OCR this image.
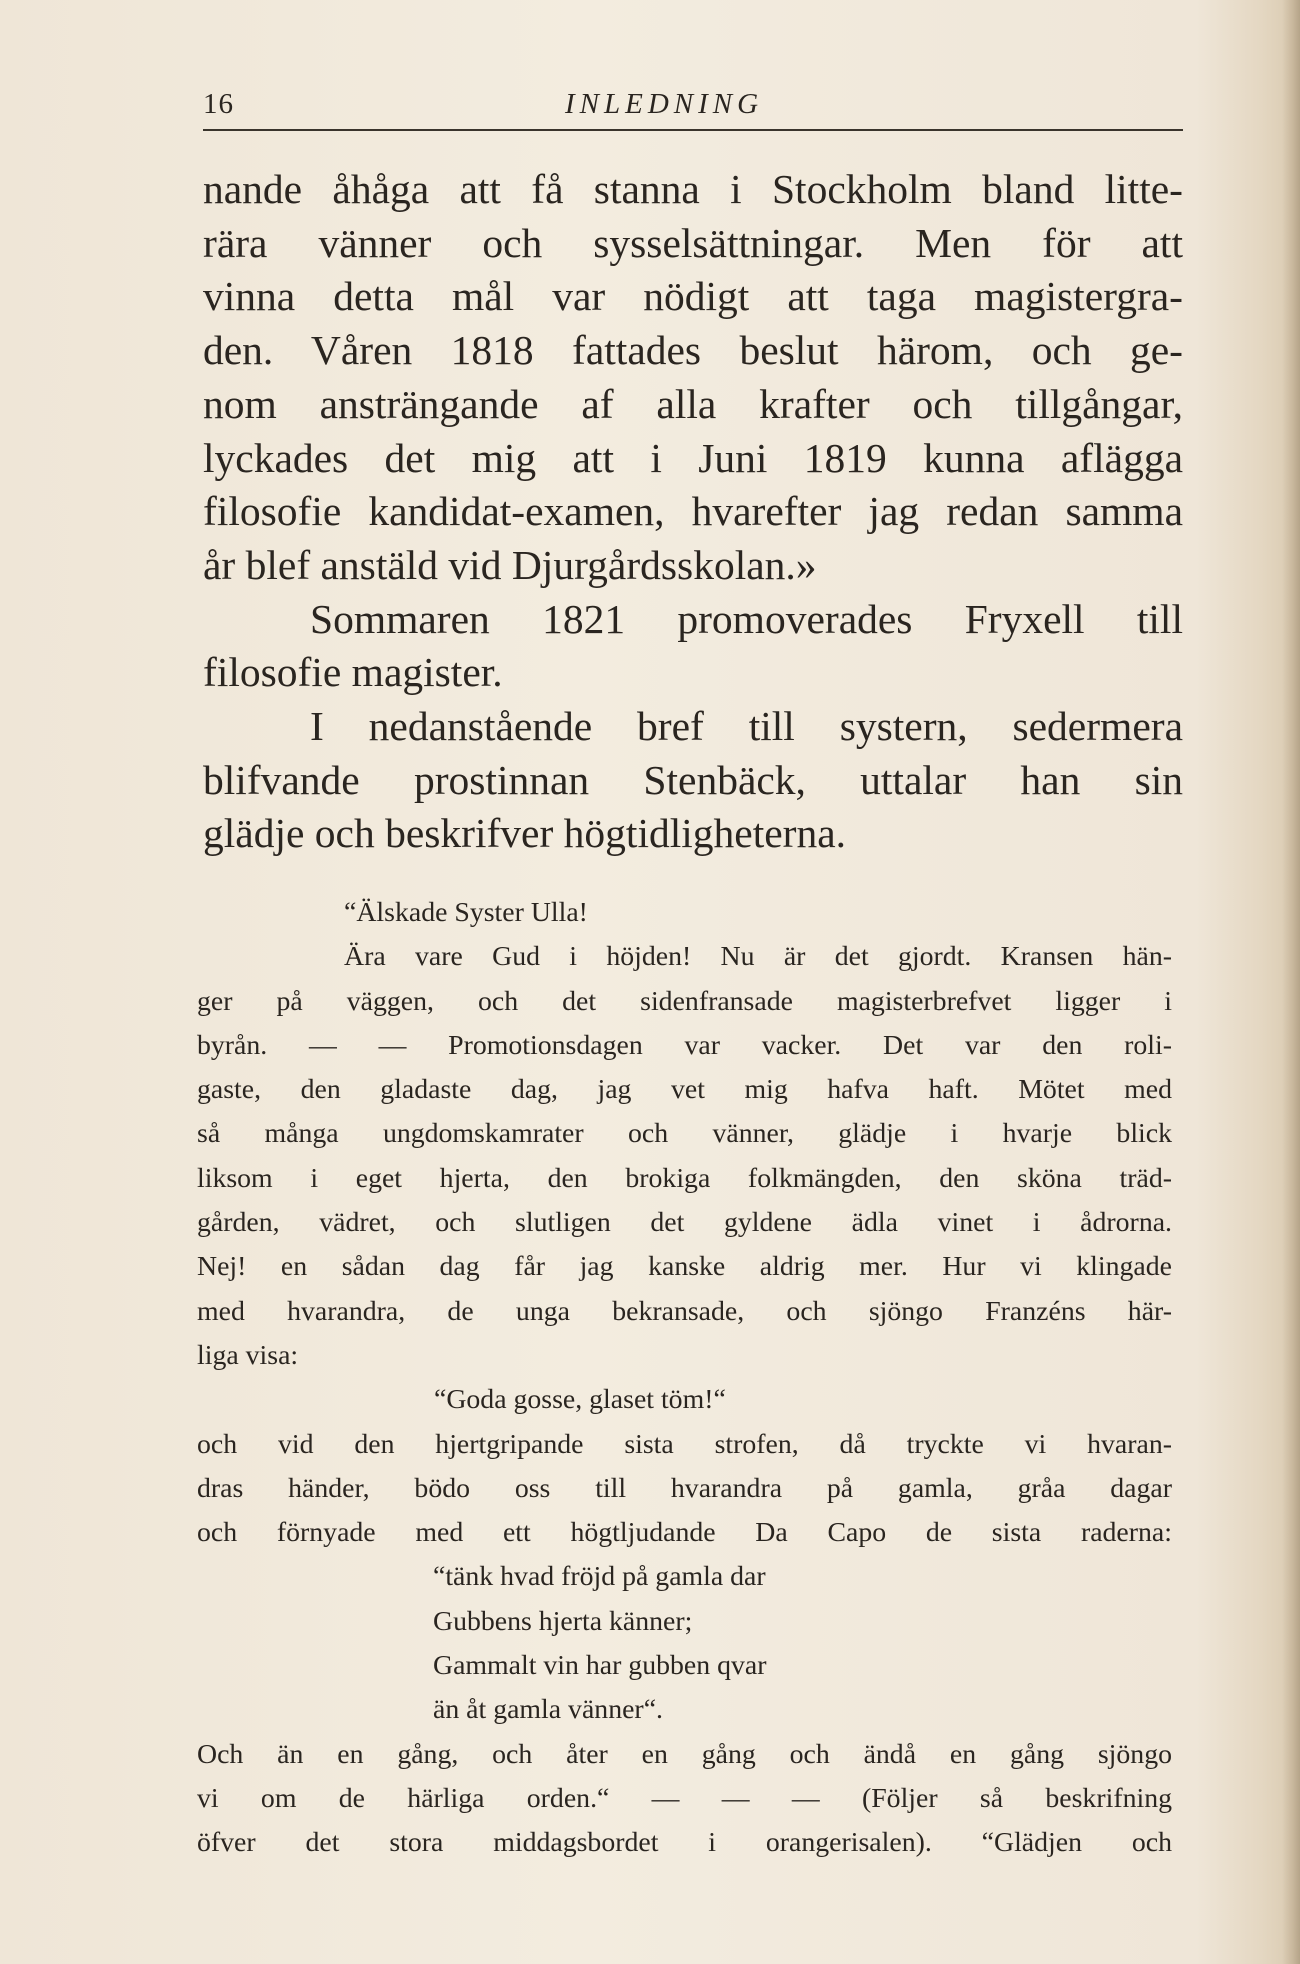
16	INLEDNING
nande åhåga att få stanna i Stockholm bland litte-
rära vänner och sysselsättningar. Men för att
vinna detta mål var nödigt att taga magistergra-
den. Våren 1818 fattades beslut härom, och ge-
nom ansträngande af alla krafter och tillgångar,
lyckades det mig att i Juni 1819 kunna aflägga
filosofie kandidat-examen, hvarefter jag redan samma
år blef anstäld vid Djurgårdsskolan.»
Sommaren 1821 promoverades Fryxell till
filosofie magister.
I nedanstående bref till systern, sedermera
blifvande prostinnan Stenbäck, uttalar han sin
glädje och beskrifver högtidligheterna.
“Älskade Syster Ulla!
Ära vare Gud i höjden! Nu är det gjordt. Kransen hän-
ger på väggen, och det sidenfransade magisterbrefvet ligger i
byrån. — — Promotionsdagen var vacker. Det var den roli-
gaste, den gladaste dag, jag vet mig hafva haft. Mötet med
så många ungdomskamrater och vänner, glädje i hvarje blick
liksom i eget hjerta, den brokiga folkmängden, den sköna träd-
gården, vädret, och slutligen det gyldene ädla vinet i ådrorna.
Nej! en sådan dag får jag kanske aldrig mer. Hur vi klingade
med hvarandra, de unga bekransade, och sjöngo Franzéns här-
liga visa:
“Goda gosse, glaset töm!“
och vid den hjertgripande sista strofen, då tryckte vi hvaran-
dras händer, bödo oss till hvarandra på gamla, gråa dagar
och förnyade med ett högtljudande Da Capo de sista raderna:
“tänk hvad fröjd på gamla dar
Gubbens hjerta känner;
Gammalt vin har gubben qvar
än åt gamla vänner“.
Och än en gång, och åter en gång och ändå en gång sjöngo
vi om de härliga orden.“ — — — (Följer så beskrifning
öfver det stora middagsbordet i orangerisalen). “Glädjen och
